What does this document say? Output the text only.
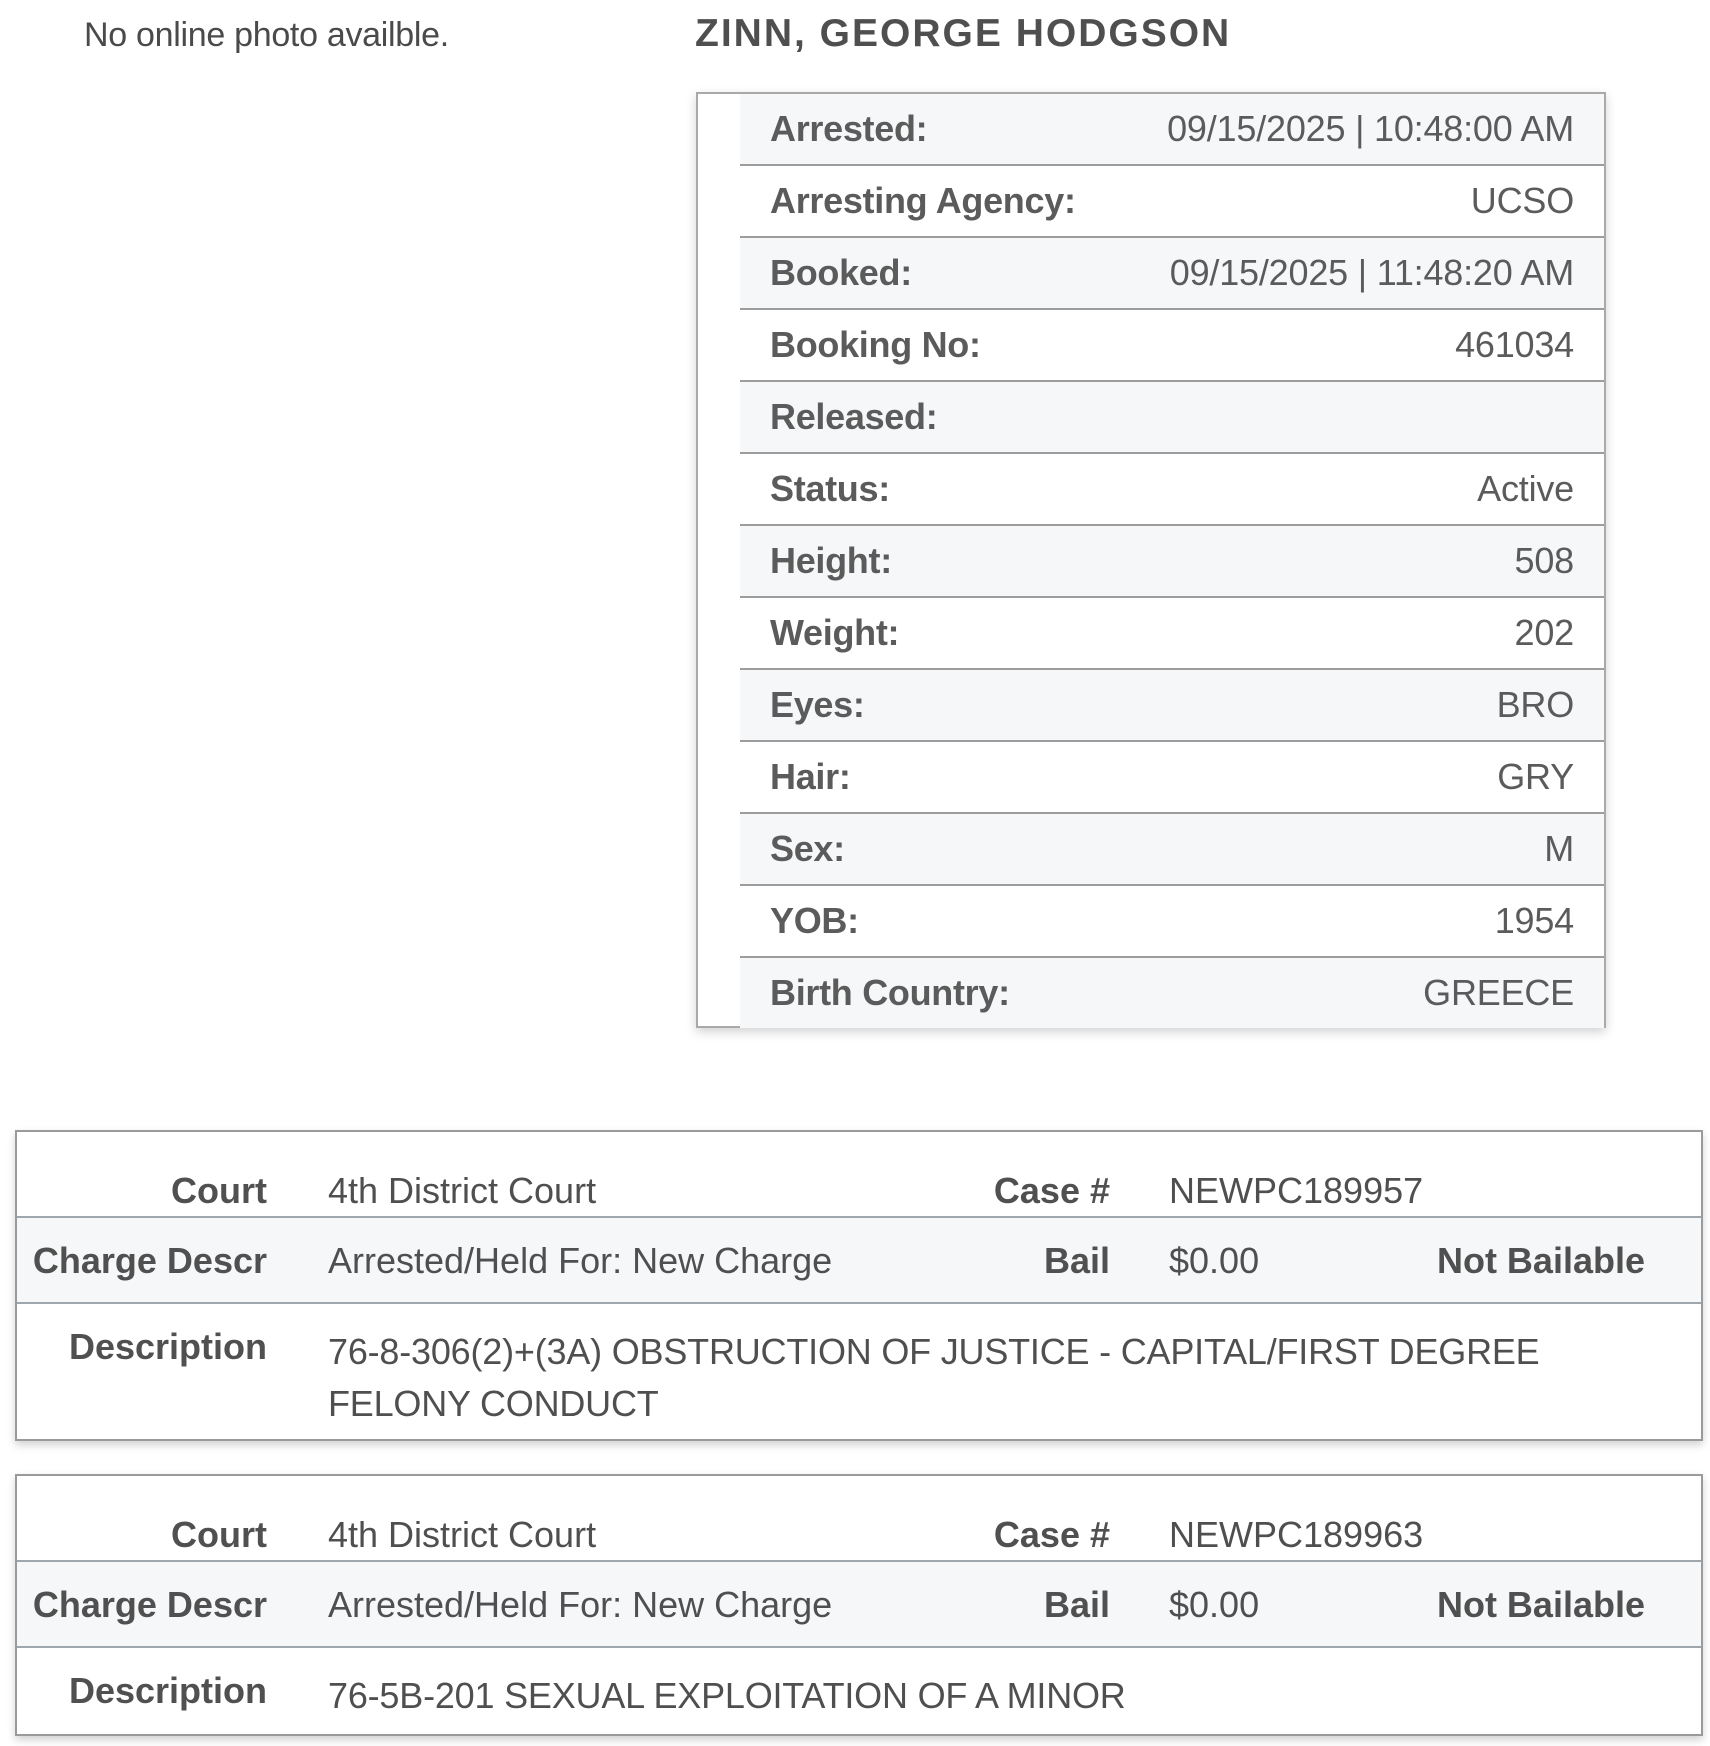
No online photo availble.	ZINN, GEORGE HODGSON
Arrested:	09/15/2025 | 10:48:00 AM
Arresting Agency:	UCSO
Booked:	09/15/2025 | 11:48:20 AM
Booking No:	461034
Released:
Status:	Active
Height:	508
Weight:	202
Eyes:	BRO
Hair:	GRY
Sex:	M
YOB:	1954
Birth Country:	GREECE
Court 4th District Court	Case # NEWPC189957
Charge Descr Arrested/Held For: New Charge	Bail $0.00	Not Bailable
Description 76-8-306(2)+(3A) OBSTRUCTION OF JUSTICE - CAPITAL/FIRST DEGREE FELONY CONDUCT
Court 4th District Court	Case # NEWPC189963
Charge Descr Arrested/Held For: New Charge	Bail $0.00	Not Bailable
Description 76-5B-201 SEXUAL EXPLOITATION OF A MINOR
